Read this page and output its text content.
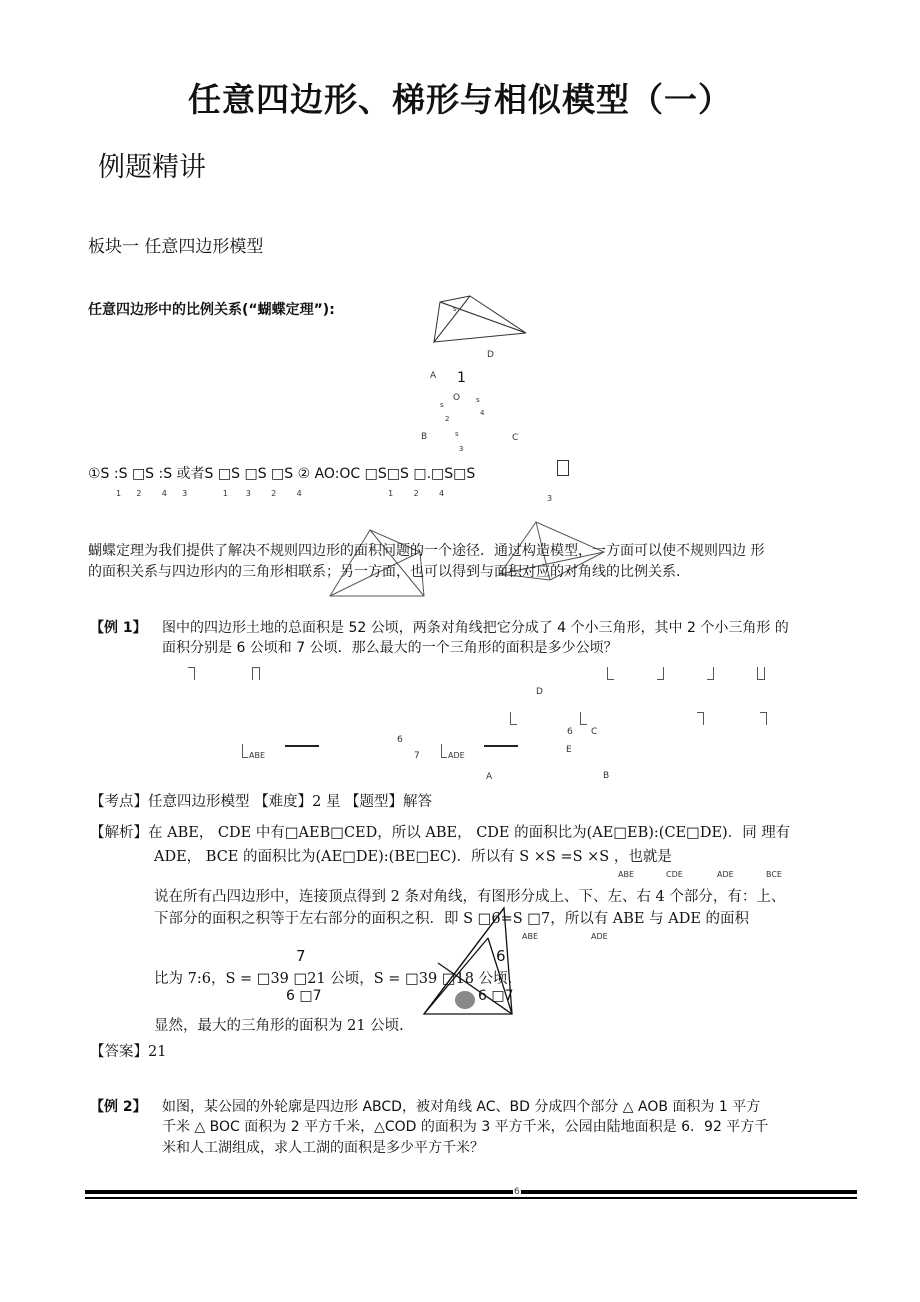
任意四边形、梯形与相似模型（一）
例题精讲
板块一 任意四边形模型
任意四边形中的比例关系(“蝴蝶定理”):	s
D
A 1
O
s
s
2
4
B	s	C
3
①S :S □S :S 或者S □S □S □S ② AO:OC □S□S □.□S□S
1      2        4      3              1       3        2        4                                  1        2        4
3
蝴蝶定理为我们提供了解决不规则四边形的面积问题的一个途径．通过构造模型，一方面可以使不规则四边 形
的面积关系与四边形内的三角形相联系；另一方面，也可以得到与面积对应的对角线的比例关系.
【例 1】 图中的四边形土地的总面积是 52 公顷，两条对角线把它分成了 4 个小三角形，其中 2 个小三角形 的
面积分别是 6 公顷和 7 公顷．那么最大的一个三角形的面积是多少公顷？
D
6 C
E
A	B
6
7
ABE	ADE
【考点】任意四边形模型 【难度】2 星 【题型】解答
【解析】在 ABE， CDE 中有□AEB□CED，所以 ABE， CDE 的面积比为(AE□EB):(CE□DE)．同 理有
ADE， BCE 的面积比为(AE□DE):(BE□EC)．所以有 S ×S =S ×S ，也就是
ABE	CDE	ADE	BCE
说在所有凸四边形中，连接顶点得到 2 条对角线，有图形分成上、下、左、右 4 个部分，有：上、
下部分的面积之积等于左右部分的面积之积．即 S □6=S □7，所以有 ABE 与 ADE 的面积
ABE	ADE
7	6
比为 7:6，S = □39 □21 公顷，S = □39 □18 公顷.
6 □7	6 □7
显然，最大的三角形的面积为 21 公顷.
【答案】21
【例 2】 如图，某公园的外轮廓是四边形 ABCD，被对角线 AC、BD 分成四个部分 △ AOB 面积为 1 平方
千米 △ BOC 面积为 2 平方千米，△COD 的面积为 3 平方千米，公园由陆地面积是 6．92 平方千
米和人工湖组成，求人工湖的面积是多少平方千米？
6
